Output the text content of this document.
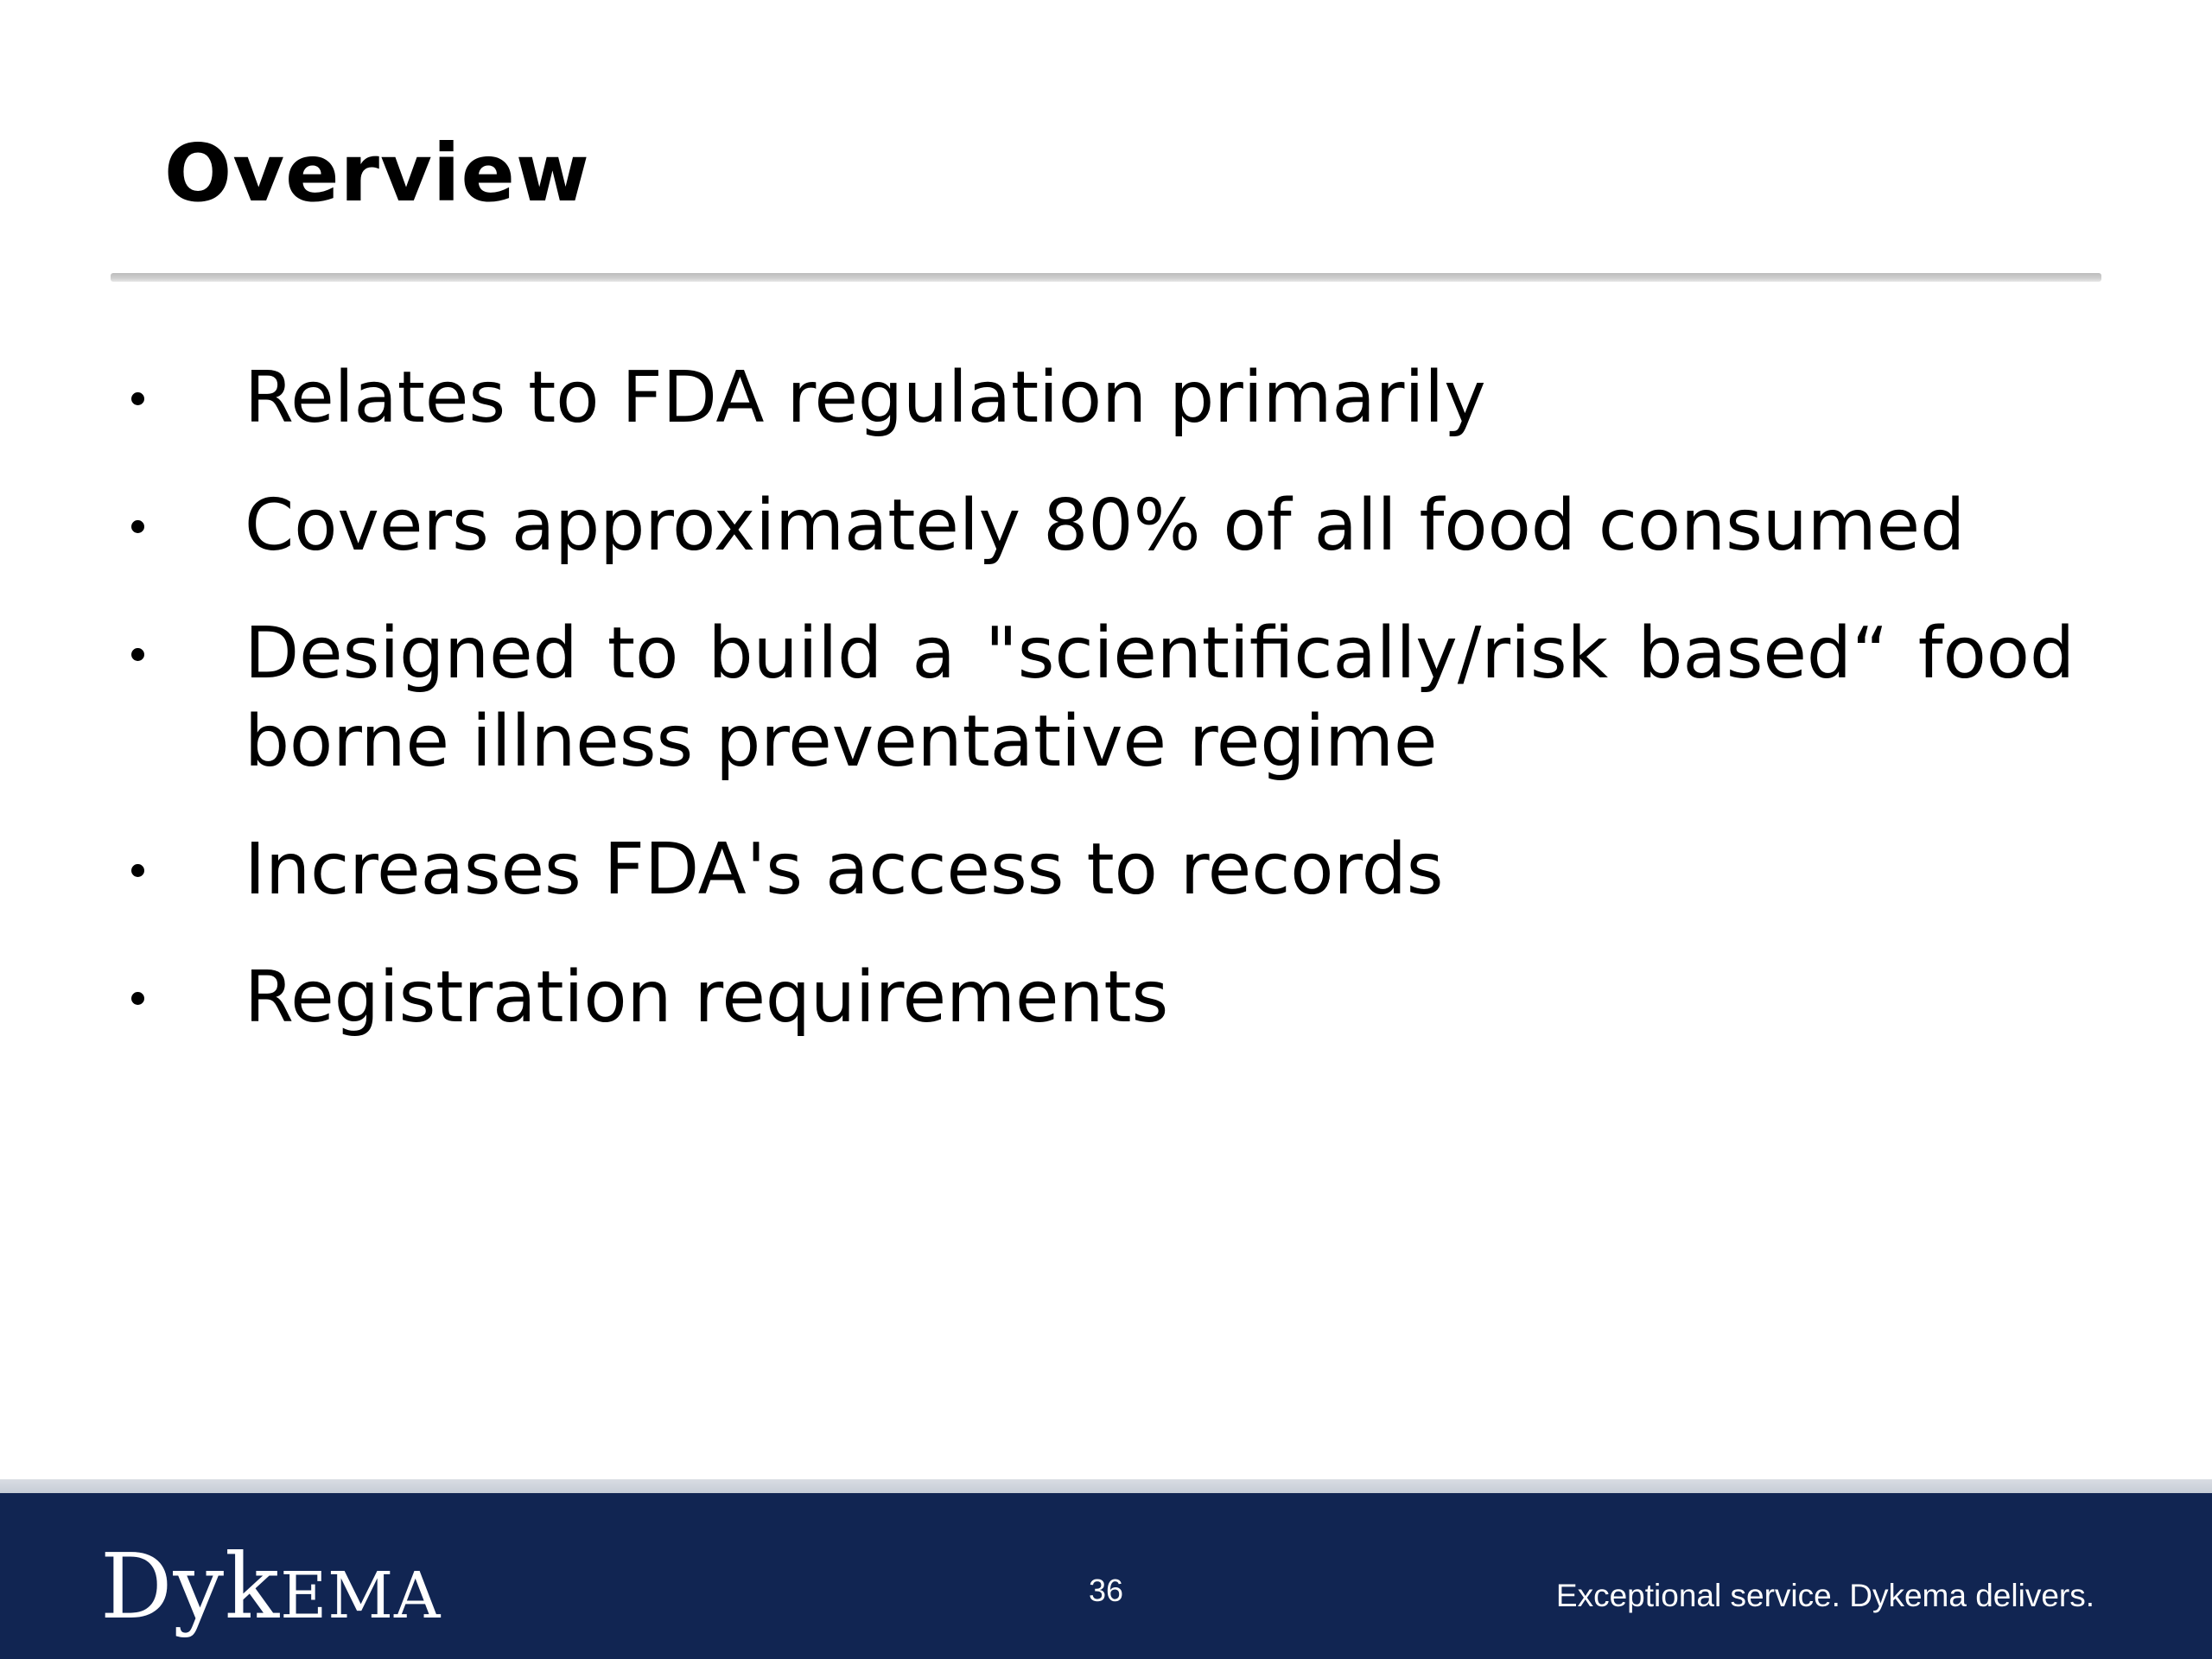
Overview
Relates to FDA regulation primarily
Covers approximately 80% of all food consumed
Designed to build a "scientifically/risk based“ food borne illness preventative regime
Increases FDA's access to records
Registration requirements
D y k EMA	36	Exceptional service. Dykema delivers.
